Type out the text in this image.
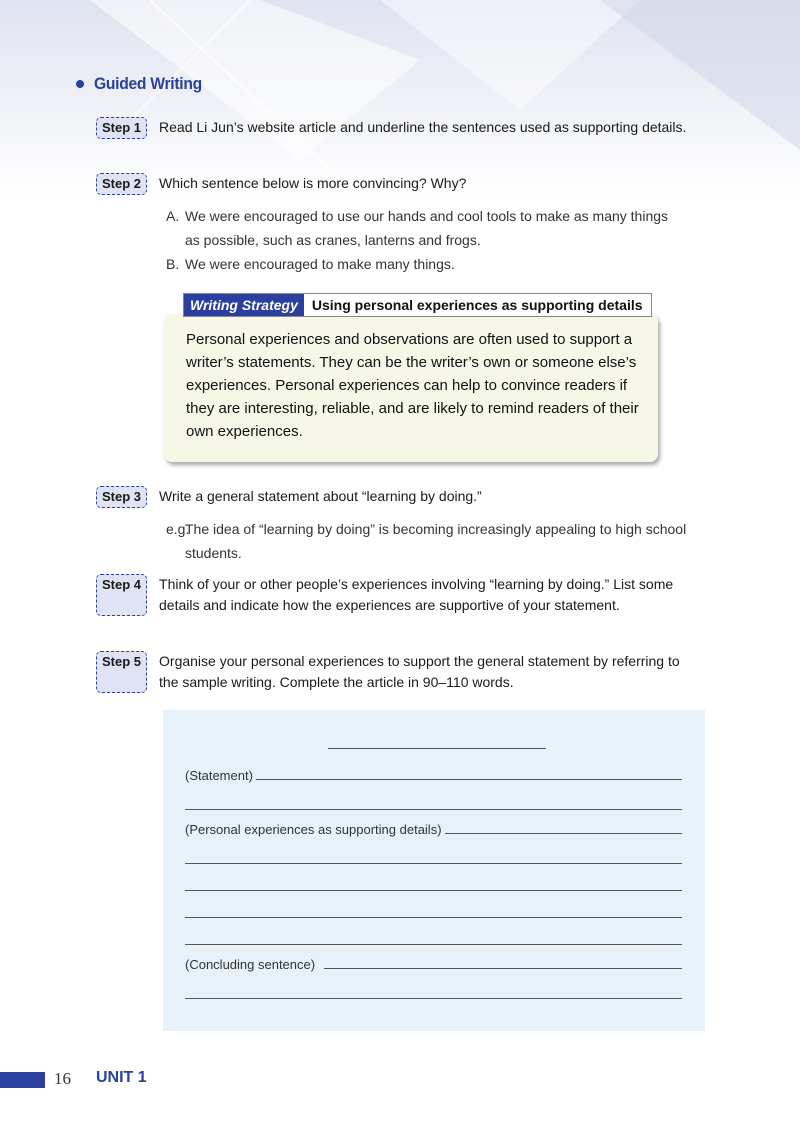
Guided Writing
Step 1	Read Li Jun’s website article and underline the sentences used as supporting details.
Step 2	Which sentence below is more convincing? Why?
A. We were encouraged to use our hands and cool tools to make as many things as possible, such as cranes, lanterns and frogs.
B. We were encouraged to make many things.
Personal experiences and observations are often used to support a writer’s statements. They can be the writer’s own or someone else’s experiences. Personal experiences can help to convince readers if they are interesting, reliable, and are likely to remind readers of their own experiences.
Writing Strategy	Using personal experiences as supporting details
Step 3	Write a general statement about “learning by doing.”
e.g.
The idea of “learning by doing” is becoming increasingly appealing to high school students.
Step 4	Think of your or other people’s experiences involving “learning by doing.” List some details and indicate how the experiences are supportive of your statement.
Step 5	Organise your personal experiences to support the general statement by referring to the sample writing. Complete the article in 90–110 words.
(Statement)
(Personal experiences as supporting details)
(Concluding sentence)
16 UNIT 1
